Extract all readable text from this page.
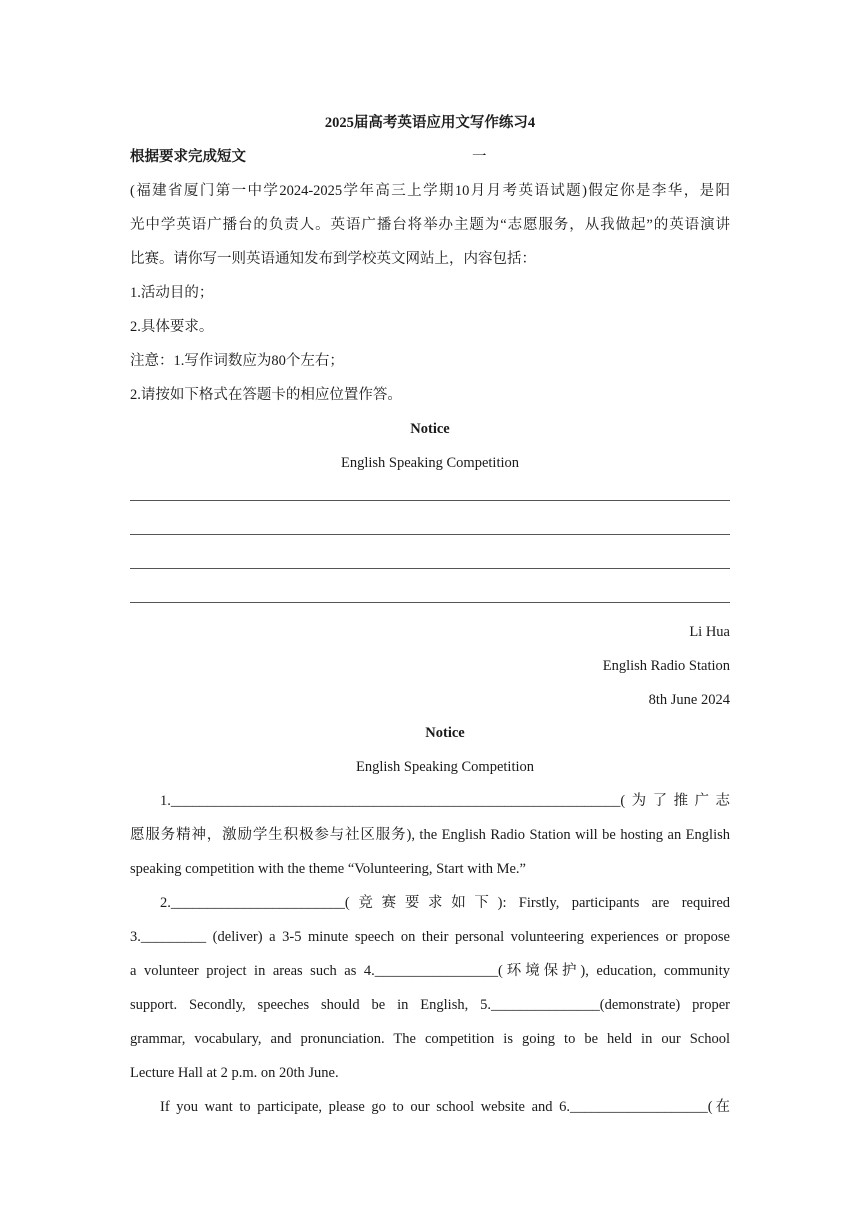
2025届高考英语应用文写作练习4
根据要求完成短文	一
(福建省厦门第一中学2024-2025学年高三上学期10月月考英语试题)假定你是李华，是阳
光中学英语广播台的负责人。英语广播台将举办主题为“志愿服务，从我做起”的英语演讲
比赛。请你写一则英语通知发布到学校英文网站上，内容包括：
1.活动目的；
2.具体要求。
注意：1.写作词数应为80个左右；
2.请按如下格式在答题卡的相应位置作答。
Notice
English Speaking Competition
Li Hua
English Radio Station
8th June 2024
Notice
English Speaking Competition
1.______________________________________________________________(为了推广志
愿服务精神，激励学生积极参与社区服务), the English Radio Station will be hosting an English
speaking competition with the theme “Volunteering, Start with Me.”
2.________________________(竞赛要求如下): Firstly, participants are required
3._________ (deliver) a 3-5 minute speech on their personal volunteering experiences or propose
a volunteer project in areas such as 4._________________(环境保护), education, community
support. Secondly, speeches should be in English, 5._______________(demonstrate) proper
grammar, vocabulary, and pronunciation. The competition is going to be held in our School
Lecture Hall at 2 p.m. on 20th June.
If you want to participate, please go to our school website and 6.___________________(在
